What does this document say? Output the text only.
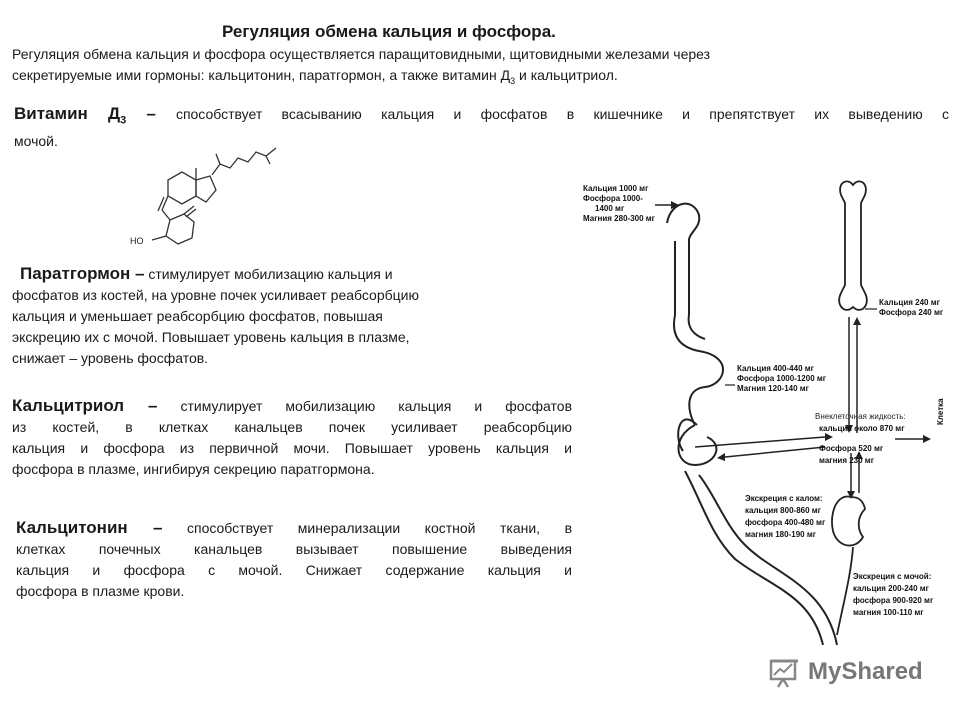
Регуляция обмена кальция и фосфора.
Регуляция обмена кальция и фосфора осуществляется паращитовидными, щитовидными железами через
секретируемые ими гормоны: кальцитонин, паратгормон, а также витамин $Д_3$ и кальцитриол.
Витамин $Д_3$ – способствует всасыванию кальция и фосфатов в кишечнике и препятствует их выведению с
мочой.
HO
Паратгормон – стимулирует мобилизацию кальция и
фосфатов из костей, на уровне почек усиливает реабсорбцию
кальция и уменьшает реабсорбцию фосфатов, повышая
экскрецию их с мочой. Повышает уровень кальция в плазме,
снижает – уровень фосфатов.
Кальцитриол – стимулирует мобилизацию кальция и фосфатов
из костей, в клетках канальцев почек усиливает реабсорбцию
кальция и фосфора из первичной мочи. Повышает уровень кальция и
фосфора в плазме, ингибируя секрецию паратгормона.
Кальцитонин – способствует минерализации костной ткани, в
клетках почечных канальцев вызывает повышение выведения
кальция и фосфора с мочой. Снижает содержание кальция и
фосфора в плазме крови.
Кальция 1000 мг
Фосфора 1000-
1400 мг
Магния 280-300 мг
Кальция 240 мг
Фосфора 240 мг
Кальция 400-440 мг
Фосфора 1000-1200 мг
Магния 120-140 мг
Внеклеточная жидкость:
кальция около 870 мг
Фосфора 520 мг
магния 230 мг
Клетка
Экскреция с калом:
кальция 800-860 мг
фосфора 400-480 мг
магния 180-190 мг
Экскреция с мочой:
кальция 200-240 мг
фосфора 900-920 мг
магния 100-110 мг
MyShared
